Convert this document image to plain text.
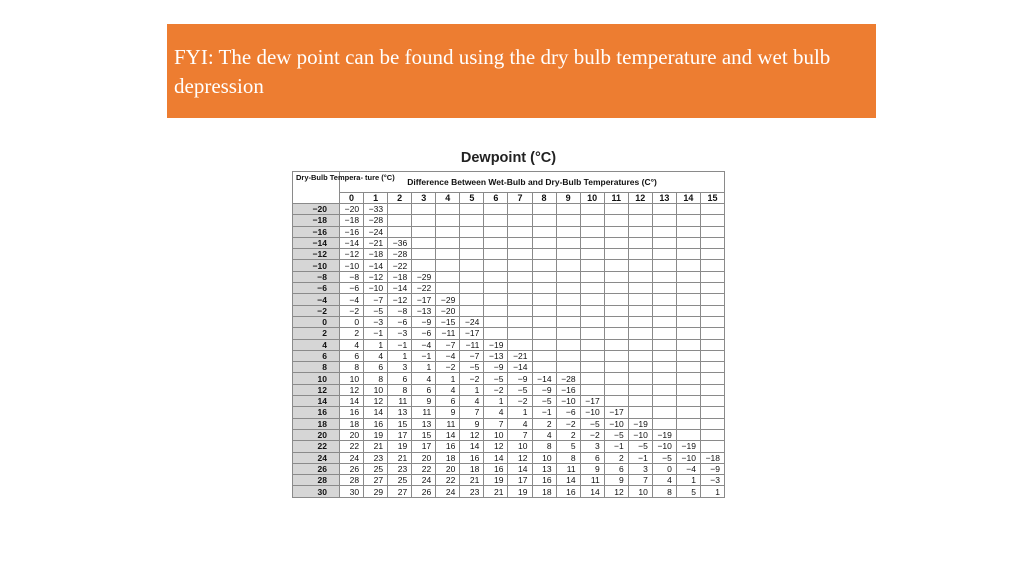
FYI: The dew point can be found using the dry bulb temperature and wet bulb depression
Dewpoint (°C)
Dry-Bulb Tempera- ture (°C)	Difference Between Wet-Bulb and Dry-Bulb Temperatures (C°)															
	0	1	2	3	4	5	6	7	8	9	10	11	12	13	14	15
−20	−20	−33														
−18	−18	−28														
−16	−16	−24														
−14	−14	−21	−36													
−12	−12	−18	−28													
−10	−10	−14	−22													
−8	−8	−12	−18	−29												
−6	−6	−10	−14	−22												
−4	−4	−7	−12	−17	−29											
−2	−2	−5	−8	−13	−20											
0	0	−3	−6	−9	−15	−24										
2	2	−1	−3	−6	−11	−17										
4	4	1	−1	−4	−7	−11	−19									
6	6	4	1	−1	−4	−7	−13	−21								
8	8	6	3	1	−2	−5	−9	−14								
10	10	8	6	4	1	−2	−5	−9	−14	−28						
12	12	10	8	6	4	1	−2	−5	−9	−16						
14	14	12	11	9	6	4	1	−2	−5	−10	−17					
16	16	14	13	11	9	7	4	1	−1	−6	−10	−17				
18	18	16	15	13	11	9	7	4	2	−2	−5	−10	−19			
20	20	19	17	15	14	12	10	7	4	2	−2	−5	−10	−19		
22	22	21	19	17	16	14	12	10	8	5	3	−1	−5	−10	−19	
24	24	23	21	20	18	16	14	12	10	8	6	2	−1	−5	−10	−18
26	26	25	23	22	20	18	16	14	13	11	9	6	3	0	−4	−9
28	28	27	25	24	22	21	19	17	16	14	11	9	7	4	1	−3
30	30	29	27	26	24	23	21	19	18	16	14	12	10	8	5	1
